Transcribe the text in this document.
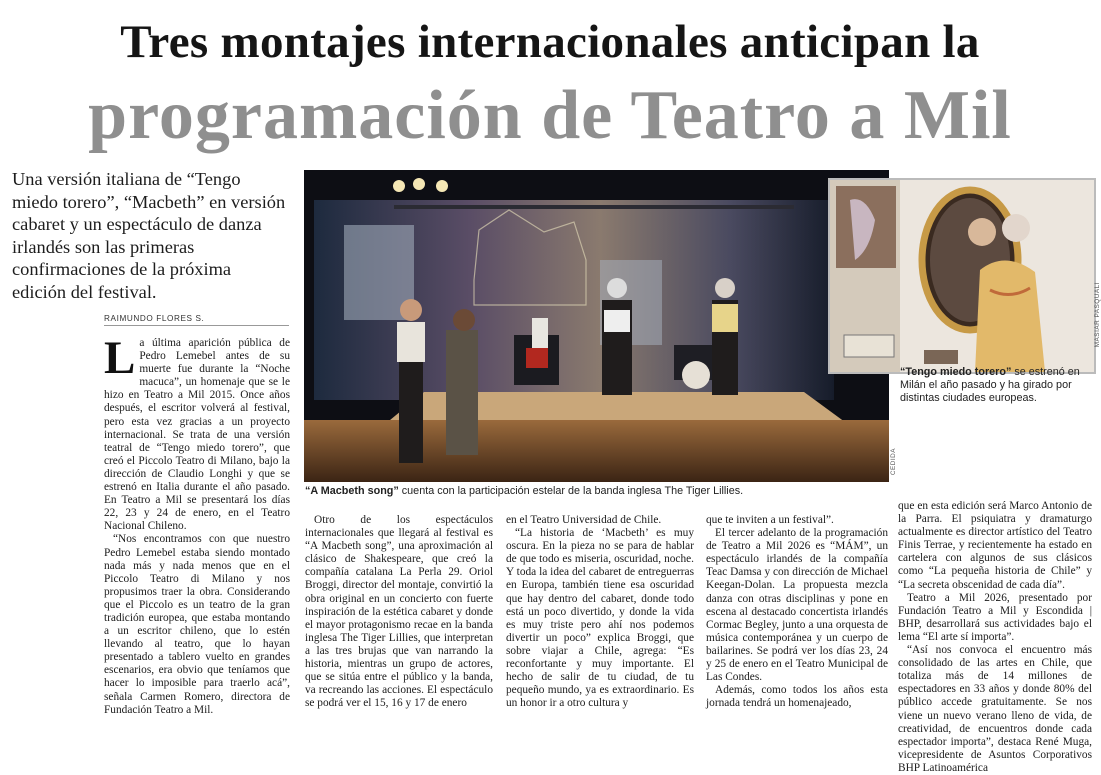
Tres montajes internacionales anticipan la
programación de Teatro a Mil
Una versión italiana de “Tengo miedo torero”, “Macbeth” en versión cabaret y un espectáculo de danza irlandés son las primeras confirmaciones de la próxima edición del festival.
RAIMUNDO FLORES S.
CEDIDA
MASIAR PASQUALI
“A Macbeth song” cuenta con la participación estelar de la banda inglesa The Tiger Lillies.
“Tengo miedo torero” se estrenó en Milán el año pasado y ha girado por distintas ciudades europeas.

La última aparición pública de Pedro Lemebel antes de su muerte fue durante la “Noche macuca”, un homenaje que se le hizo en Teatro a Mil 2015. Once años después, el escritor volverá al festival, pero esta vez gracias a un proyecto internacional. Se trata de una versión teatral de “Tengo miedo torero”, que creó el Piccolo Teatro di Milano, bajo la dirección de Claudio Longhi y que se estrenó en Italia durante el año pasado. En Teatro a Mil se presentará los días 22, 23 y 24 de enero, en el Teatro Nacional Chileno.

“Nos encontramos con que nuestro Pedro Lemebel estaba siendo montado nada más y nada menos que en el Piccolo Teatro di Milano y nos propusimos traer la obra. Considerando que el Piccolo es un teatro de la gran tradición europea, que estaba montando a un escritor chileno, que lo estén llevando al teatro, que lo hayan presentado a tablero vuelto en grandes escenarios, era obvio que teníamos que hacer lo imposible para traerlo acá”, señala Carmen Romero, directora de Fundación Teatro a Mil.

Otro de los espectáculos internacionales que llegará al festival es “A Macbeth song”, una aproximación al clásico de Shakespeare, que creó la compañía catalana La Perla 29. Oriol Broggi, director del montaje, convirtió la obra original en un concierto con fuerte inspiración de la estética cabaret y donde el mayor protagonismo recae en la banda inglesa The Tiger Lillies, que interpretan a las tres brujas que van narrando la historia, mientras un grupo de actores, que se sitúa entre el público y la banda, va recreando las acciones. El espectáculo se podrá ver el 15, 16 y 17 de enero

en el Teatro Universidad de Chile.

“La historia de ‘Macbeth’ es muy oscura. En la pieza no se para de hablar de que todo es miseria, oscuridad, noche. Y toda la idea del cabaret de entreguerras en Europa, también tiene esa oscuridad que hay dentro del cabaret, donde todo está un poco divertido, y donde la vida es muy triste pero ahí nos podemos divertir un poco” explica Broggi, que sobre viajar a Chile, agrega: “Es reconfortante y muy importante. El hecho de salir de tu ciudad, de tu pequeño mundo, ya es extraordinario. Es un honor ir a otro cultura y

que te inviten a un festival”.

El tercer adelanto de la programación de Teatro a Mil 2026 es “MÁM”, un espectáculo irlandés de la compañía Teac Damsa y con dirección de Michael Keegan-Dolan. La propuesta mezcla danza con otras disciplinas y pone en escena al destacado concertista irlandés Cormac Begley, junto a una orquesta de música contemporánea y un cuerpo de bailarines. Se podrá ver los días 23, 24 y 25 de enero en el Teatro Municipal de Las Condes.

Además, como todos los años esta jornada tendrá un homenajeado,

que en esta edición será Marco Antonio de la Parra. El psiquiatra y dramaturgo actualmente es director artístico del Teatro Finis Terrae, y recientemente ha estado en cartelera con algunos de sus clásicos como “La pequeña historia de Chile” y “La secreta obscenidad de cada día”.

Teatro a Mil 2026, presentado por Fundación Teatro a Mil y Escondida | BHP, desarrollará sus actividades bajo el lema “El arte sí importa”.

“Así nos convoca el encuentro más consolidado de las artes en Chile, que totaliza más de 14 millones de espectadores en 33 años y donde 80% del público accede gratuitamente. Se nos viene un nuevo verano lleno de vida, de creatividad, de encuentros donde cada espectador importa”, destaca René Muga, vicepresidente de Asuntos Corporativos BHP Latinoamérica
